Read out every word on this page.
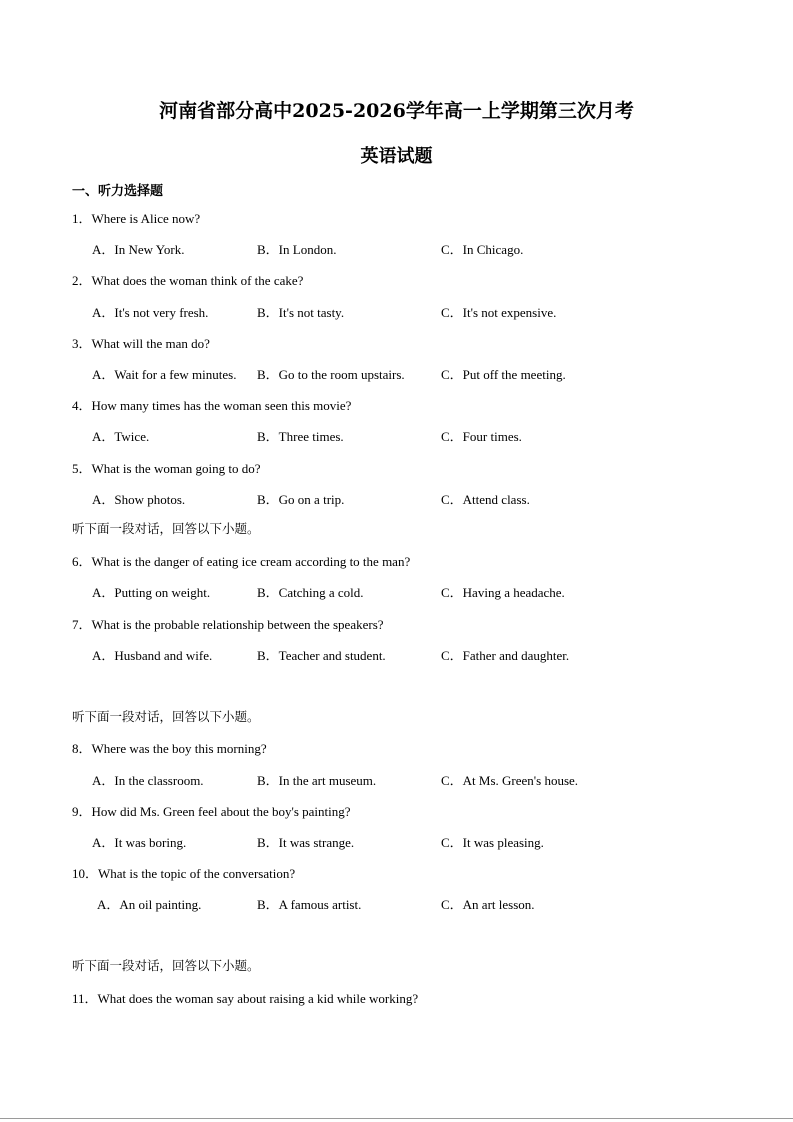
河南省部分高中2025-2026学年高一上学期第三次月考
英语试题
一、听力选择题
1．Where is Alice now?
A．In New York.	B．In London.	C．In Chicago.
2．What does the woman think of the cake?
A．It's not very fresh.	B．It's not tasty.	C．It's not expensive.
3．What will the man do?
A．Wait for a few minutes. B．Go to the room upstairs.	C．Put off the meeting.
4．How many times has the woman seen this movie?
A．Twice.	B．Three times.	C．Four times.
5．What is the woman going to do?
A．Show photos.	B．Go on a trip.	C．Attend class.
听下面一段对话，回答以下小题。
6．What is the danger of eating ice cream according to the man?
A．Putting on weight.	B．Catching a cold.	C．Having a headache.
7．What is the probable relationship between the speakers?
A．Husband and wife.	B．Teacher and student.	C．Father and daughter.
听下面一段对话，回答以下小题。
8．Where was the boy this morning?
A．In the classroom.	B．In the art museum.	C．At Ms. Green's house.
9．How did Ms. Green feel about the boy's painting?
A．It was boring.	B．It was strange.	C．It was pleasing.
10．What is the topic of the conversation?
A．An oil painting.	B．A famous artist.	C．An art lesson.
听下面一段对话，回答以下小题。
11．What does the woman say about raising a kid while working?
